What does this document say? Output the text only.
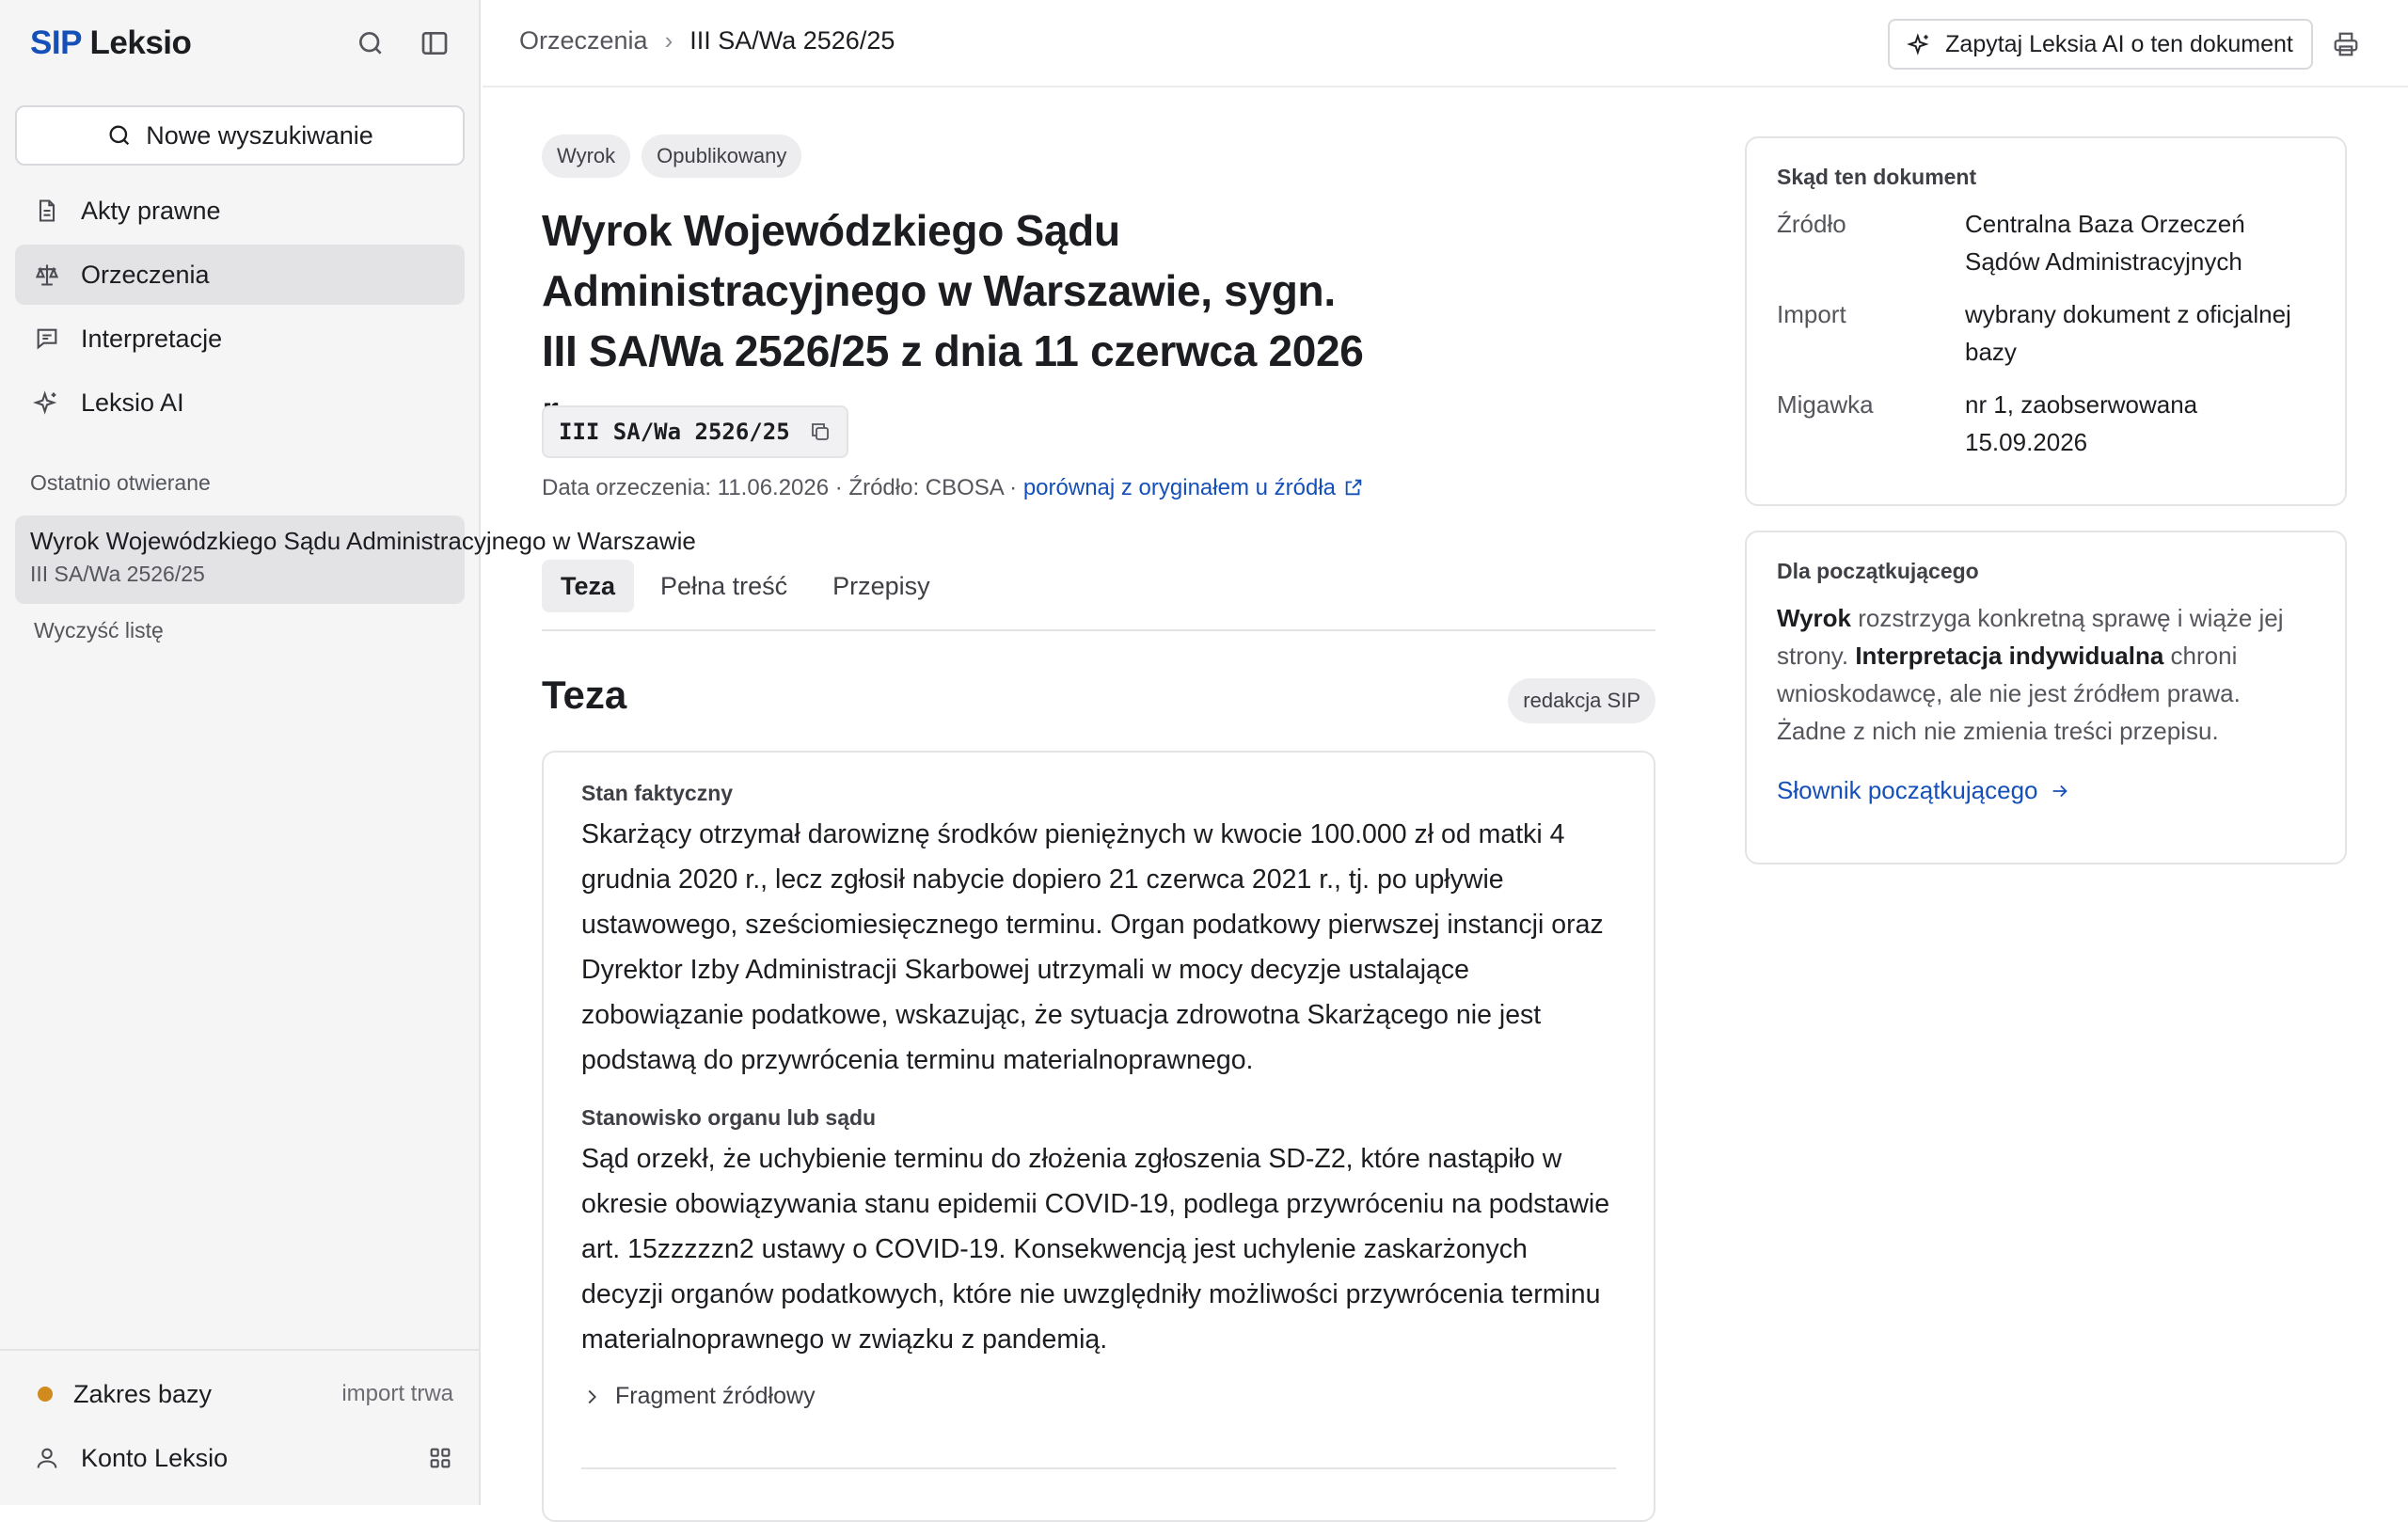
SIP Leksio
Nowe wyszukiwanie
Akty prawne
Orzeczenia
Interpretacje
Leksio AI
Ostatnio otwierane
Wyrok Wojewódzkiego Sądu Administracyjnego w Warszawie
III SA/Wa 2526/25
Wyczyść listę
Zakres bazy	import trwa
Konto Leksio
Orzeczenia › III SA/Wa 2526/25	Zapytaj Leksia AI o ten dokument
Wyrok	Opublikowany
Wyrok Wojewódzkiego Sądu Administracyjnego w Warszawie, sygn. III SA/Wa 2526/25 z dnia 11 czerwca 2026
III SA/Wa 2526/25
Data orzeczenia: 11.06.2026 · Źródło: CBOSA · porównaj z oryginałem u źródła
Teza	Pełna treść	Przepisy
Teza	redakcja SIP
Stan faktyczny

Skarżący otrzymał darowiznę środków pieniężnych w kwocie 100.000 zł od matki 4 grudnia 2020 r., lecz zgłosił nabycie dopiero 21 czerwca 2021 r., tj. po upływie ustawowego, sześciomiesięcznego terminu. Organ podatkowy pierwszej instancji oraz Dyrektor Izby Administracji Skarbowej utrzymali w mocy decyzje ustalające zobowiązanie podatkowe, wskazując, że sytuacja zdrowotna Skarżącego nie jest podstawą do przywrócenia terminu materialnoprawnego.

Stanowisko organu lub sądu

Sąd orzekł, że uchybienie terminu do złożenia zgłoszenia SD-Z2, które nastąpiło w okresie obowiązywania stanu epidemii COVID-19, podlega przywróceniu na podstawie art. 15zzzzzn2 ustawy o COVID-19. Konsekwencją jest uchylenie zaskarżonych decyzji organów podatkowych, które nie uwzględniły możliwości przywrócenia terminu materialnoprawnego w związku z pandemią.

Fragment źródłowy
Skąd ten dokument
Źródło	Centralna Baza Orzeczeń Sądów Administracyjnych
Import	wybrany dokument z oficjalnej bazy
Migawka	nr 1, zaobserwowana 15.09.2026
Dla początkującego

Wyrok rozstrzyga konkretną sprawę i wiąże jej strony. Interpretacja indywidualna chroni wnioskodawcę, ale nie jest źródłem prawa. Żadne z nich nie zmienia treści przepisu.

Słownik początkującego
